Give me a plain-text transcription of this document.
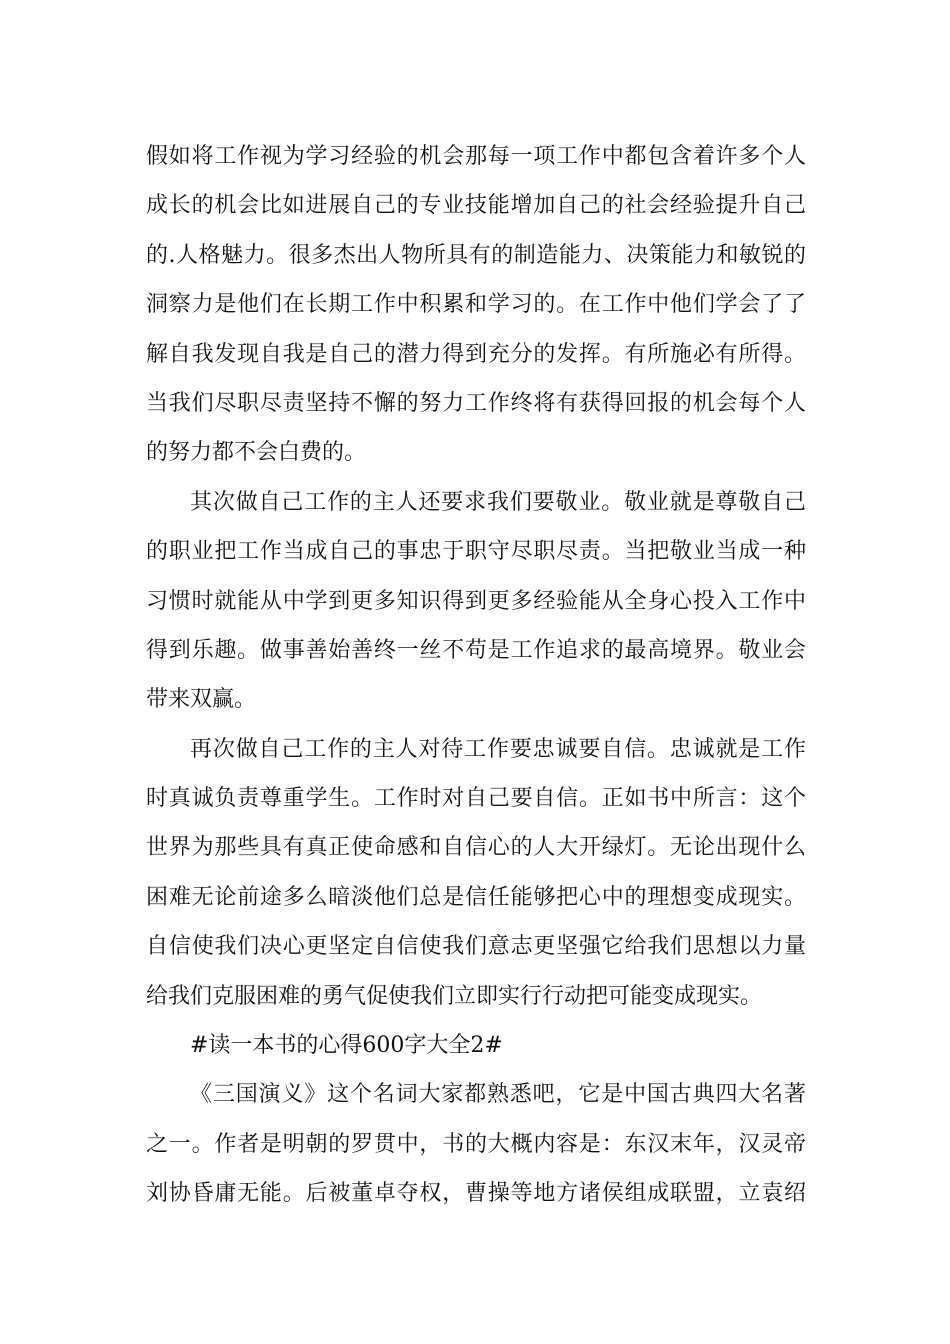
假如将工作视为学习经验的机会那每一项工作中都包含着许多个人
成长的机会比如进展自己的专业技能增加自己的社会经验提升自己
的.人格魅力。很多杰出人物所具有的制造能力、决策能力和敏锐的
洞察力是他们在长期工作中积累和学习的。在工作中他们学会了了
解自我发现自我是自己的潜力得到充分的发挥。有所施必有所得。
当我们尽职尽责坚持不懈的努力工作终将有获得回报的机会每个人
的努力都不会白费的。
其次做自己工作的主人还要求我们要敬业。敬业就是尊敬自己
的职业把工作当成自己的事忠于职守尽职尽责。当把敬业当成一种
习惯时就能从中学到更多知识得到更多经验能从全身心投入工作中
得到乐趣。做事善始善终一丝不苟是工作追求的最高境界。敬业会
带来双赢。
再次做自己工作的主人对待工作要忠诚要自信。忠诚就是工作
时真诚负责尊重学生。工作时对自己要自信。正如书中所言：这个
世界为那些具有真正使命感和自信心的人大开绿灯。无论出现什么
困难无论前途多么暗淡他们总是信任能够把心中的理想变成现实。
自信使我们决心更坚定自信使我们意志更坚强它给我们思想以力量
给我们克服困难的勇气促使我们立即实行行动把可能变成现实。
#读一本书的心得600字大全2#
《三国演义》这个名词大家都熟悉吧，它是中国古典四大名著
之一。作者是明朝的罗贯中，书的大概内容是：东汉末年，汉灵帝
刘协昏庸无能。后被董卓夺权，曹操等地方诸侯组成联盟，立袁绍
